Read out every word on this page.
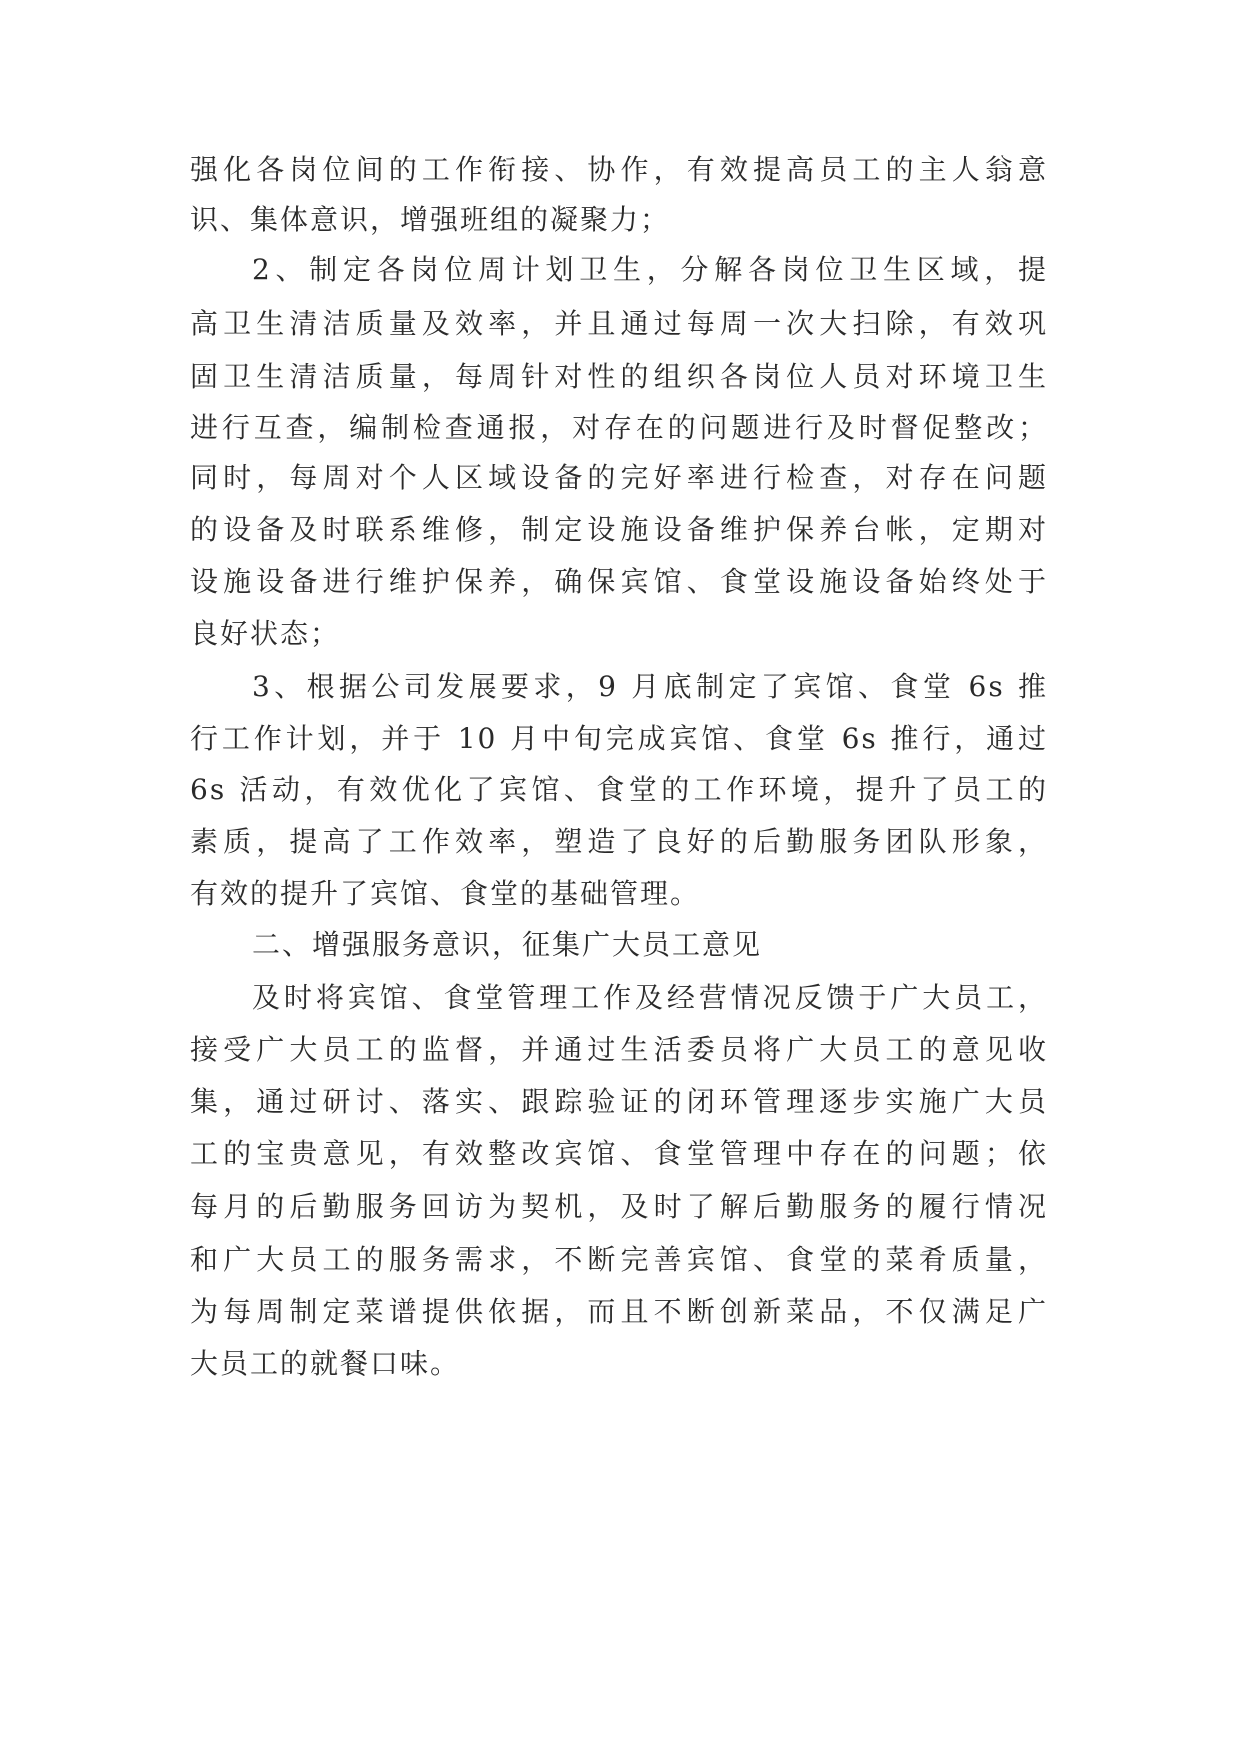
强化各岗位间的工作衔接、协作，有效提高员工的主人翁意
识、集体意识，增强班组的凝聚力；
2、制定各岗位周计划卫生，分解各岗位卫生区域，提
高卫生清洁质量及效率，并且通过每周一次大扫除，有效巩
固卫生清洁质量，每周针对性的组织各岗位人员对环境卫生
进行互查，编制检查通报，对存在的问题进行及时督促整改；
同时，每周对个人区域设备的完好率进行检查，对存在问题
的设备及时联系维修，制定设施设备维护保养台帐，定期对
设施设备进行维护保养，确保宾馆、食堂设施设备始终处于
良好状态；
3、根据公司发展要求，9 月底制定了宾馆、食堂 6s 推
行工作计划，并于 10 月中旬完成宾馆、食堂 6s 推行，通过
6s 活动，有效优化了宾馆、食堂的工作环境，提升了员工的
素质，提高了工作效率，塑造了良好的后勤服务团队形象，
有效的提升了宾馆、食堂的基础管理。
二、增强服务意识，征集广大员工意见
及时将宾馆、食堂管理工作及经营情况反馈于广大员工，
接受广大员工的监督，并通过生活委员将广大员工的意见收
集，通过研讨、落实、跟踪验证的闭环管理逐步实施广大员
工的宝贵意见，有效整改宾馆、食堂管理中存在的问题；依
每月的后勤服务回访为契机，及时了解后勤服务的履行情况
和广大员工的服务需求，不断完善宾馆、食堂的菜肴质量，
为每周制定菜谱提供依据，而且不断创新菜品，不仅满足广
大员工的就餐口味。
